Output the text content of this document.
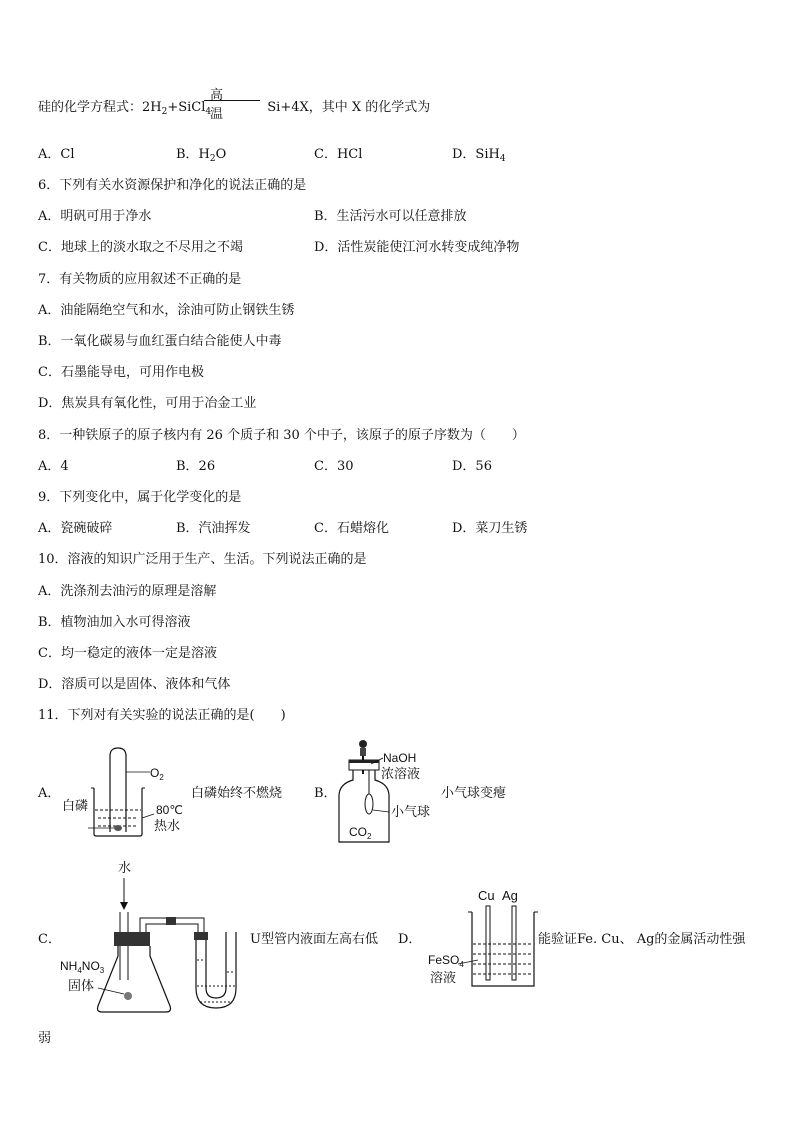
硅的化学方程式：$2H_2+SiCl_4$	Si+4X，其中 X 的化学式为
高温
A．Cl	B．$H_2O$	C．HCl	D．SiH$_4$
6．下列有关水资源保护和净化的说法正确的是
A．明矾可用于净水	B．生活污水可以任意排放
C．地球上的淡水取之不尽用之不竭	D．活性炭能使江河水转变成纯净物
7．有关物质的应用叙述不正确的是
A．油能隔绝空气和水，涂油可防止钢铁生锈
B．一氧化碳易与血红蛋白结合能使人中毒
C．石墨能导电，可用作电极
D．焦炭具有氧化性，可用于冶金工业
8．一种铁原子的原子核内有 26 个质子和 30 个中子，该原子的原子序数为（　　）
A．4	B．26	C．30	D．56
9．下列变化中，属于化学变化的是
A．瓷碗破碎	B．汽油挥发	C．石蜡熔化	D．菜刀生锈
10．溶液的知识广泛用于生产、生活。下列说法正确的是
A．洗涤剂去油污的原理是溶解
B．植物油加入水可得溶液
C．均一稳定的液体一定是溶液
D．溶质可以是固体、液体和气体
11．下列对有关实验的说法正确的是(　　)
A．
$O_2$
白磷	80℃
热水
白磷始终不燃烧 B．
NaOH
浓溶液
小气球
$CO_2$
小气球变瘪
C．
水
$NH_4NO_3$
固体
U型管内液面左高右低 D．
Cu Ag
FeSO$_4$
溶液
能验证Fe. Cu、 Ag的金属活动性强
弱
